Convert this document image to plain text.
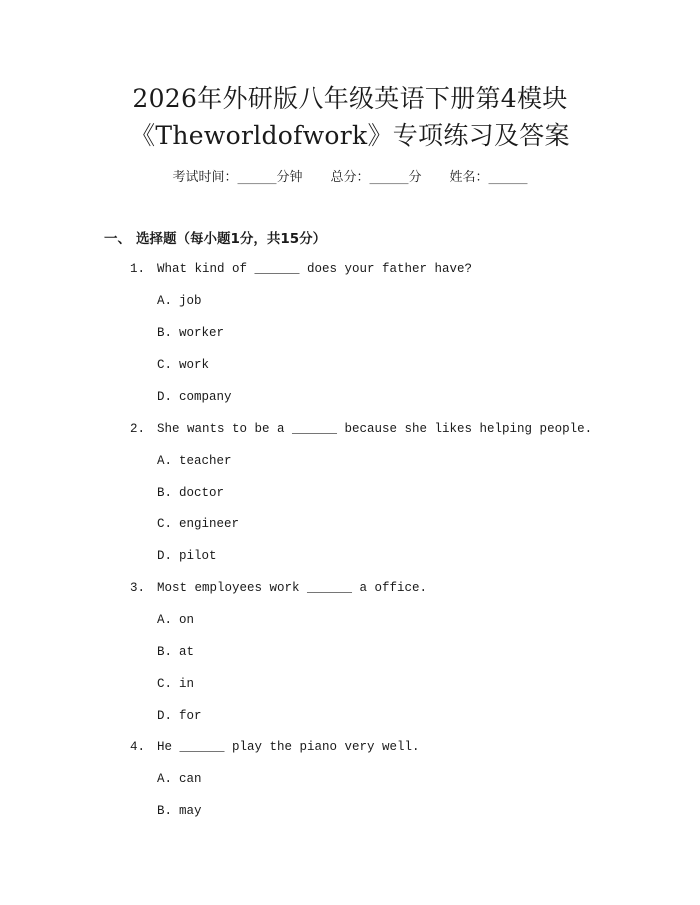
2026年外研版八年级英语下册第4模块
《Theworldofwork》专项练习及答案
考试时间：______分钟 总分：______分 姓名：______
一、 选择题（每小题1分，共15分）
1. What kind of ______ does your father have?
A. job
B. worker
C. work
D. company
2. She wants to be a ______ because she likes helping people.
A. teacher
B. doctor
C. engineer
D. pilot
3. Most employees work ______ a office.
A. on
B. at
C. in
D. for
4. He ______ play the piano very well.
A. can
B. may
